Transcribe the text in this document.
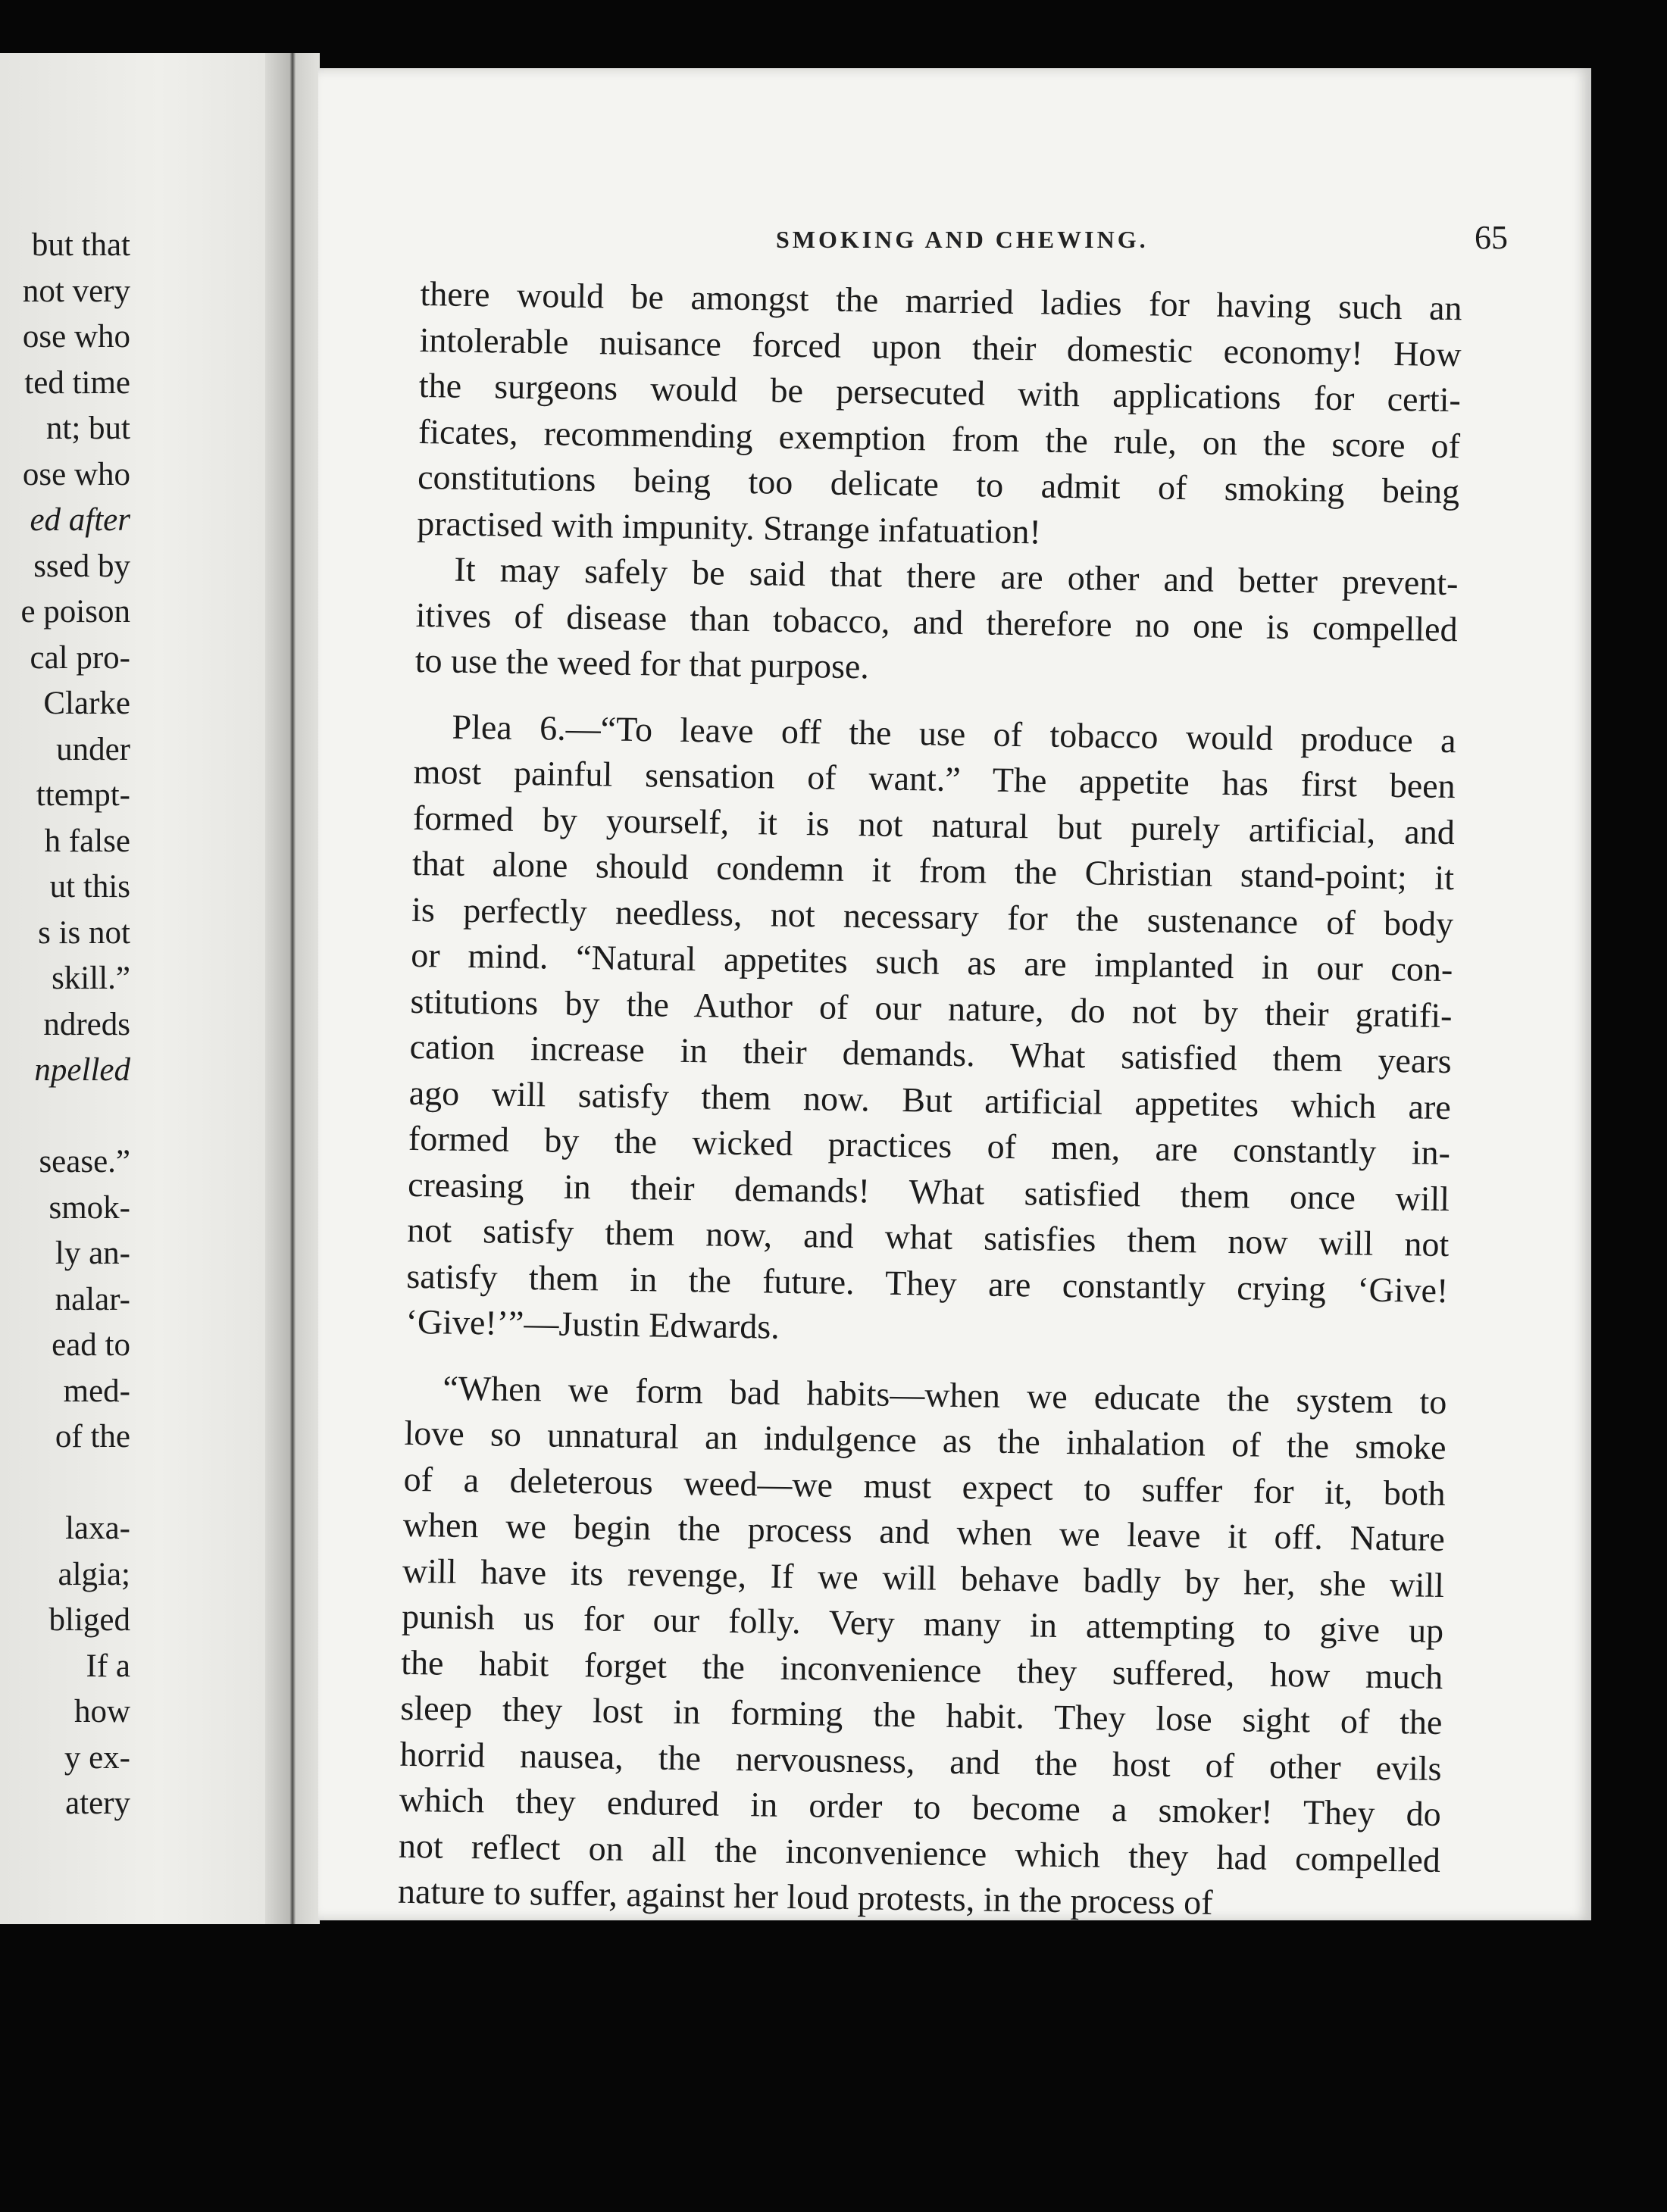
but that
not very
ose who
ted time
nt; but
ose who
ed after
ssed by
e poison
cal pro-
Clarke
under
ttempt-
h false
ut this
s is not
skill.”
ndreds
npelled
sease.”
smok-
ly an-
nalar-
ead to
med-
of the
laxa-
algia;
bliged
If a
how
y ex-
atery
SMOKING AND CHEWING.	65
there would be amongst the married ladies for having such an
intolerable nuisance forced upon their domestic economy! How
the surgeons would be persecuted with applications for certi-
ficates, recommending exemption from the rule, on the score of
constitutions being too delicate to admit of smoking being
practised with impunity. Strange infatuation!
It may safely be said that there are other and better prevent-
itives of disease than tobacco, and therefore no one is compelled
to use the weed for that purpose.
Plea 6.—“To leave off the use of tobacco would produce a
most painful sensation of want.” The appetite has first been
formed by yourself, it is not natural but purely artificial, and
that alone should condemn it from the Christian stand-point; it
is perfectly needless, not necessary for the sustenance of body
or mind. “Natural appetites such as are implanted in our con-
stitutions by the Author of our nature, do not by their gratifi-
cation increase in their demands. What satisfied them years
ago will satisfy them now. But artificial appetites which are
formed by the wicked practices of men, are constantly in-
creasing in their demands! What satisfied them once will
not satisfy them now, and what satisfies them now will not
satisfy them in the future. They are constantly crying ‘Give!
‘Give!’”—Justin Edwards.
“When we form bad habits—when we educate the system to
love so unnatural an indulgence as the inhalation of the smoke
of a deleterous weed—we must expect to suffer for it, both
when we begin the process and when we leave it off. Nature
will have its revenge, If we will behave badly by her, she will
punish us for our folly. Very many in attempting to give up
the habit forget the inconvenience they suffered, how much
sleep they lost in forming the habit. They lose sight of the
horrid nausea, the nervousness, and the host of other evils
which they endured in order to become a smoker! They do
not reflect on all the inconvenience which they had compelled
nature to suffer, against her loud protests, in the process of
